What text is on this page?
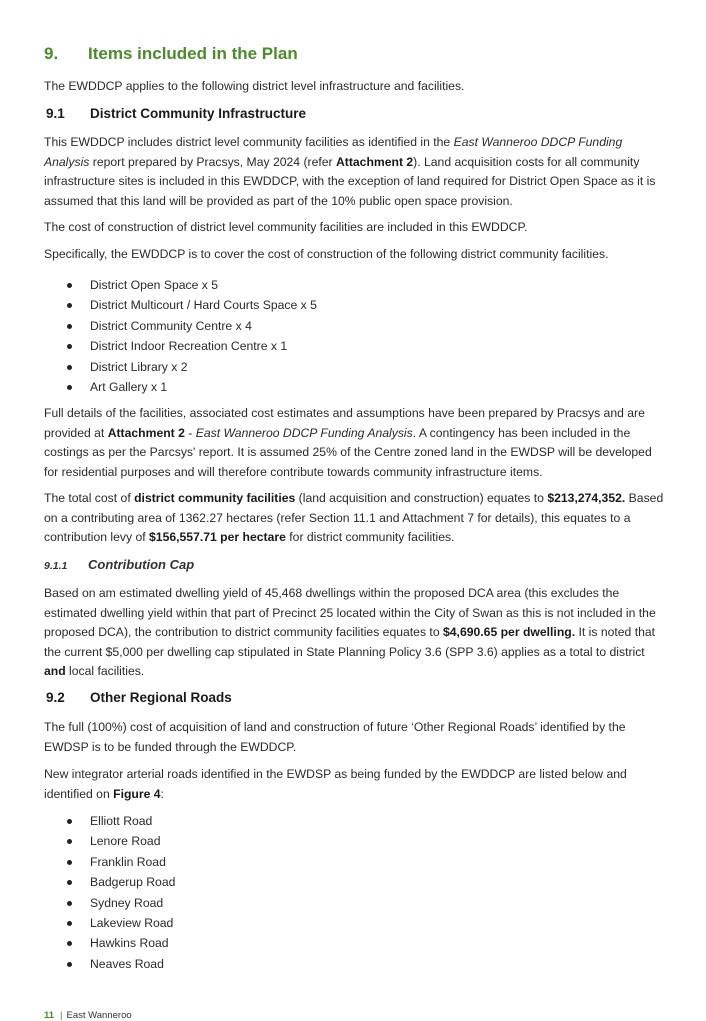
9. Items included in the Plan

The EWDDCP applies to the following district level infrastructure and facilities.

9.1 District Community Infrastructure

This EWDDCP includes district level community facilities as identified in the East Wanneroo DDCP Funding Analysis report prepared by Pracsys, May 2024 (refer Attachment 2). Land acquisition costs for all community infrastructure sites is included in this EWDDCP, with the exception of land required for District Open Space as it is assumed that this land will be provided as part of the 10% public open space provision.

The cost of construction of district level community facilities are included in this EWDDCP.

Specifically, the EWDDCP is to cover the cost of construction of the following district community facilities.

District Open Space x 5
District Multicourt / Hard Courts Space x 5
District Community Centre x 4
District Indoor Recreation Centre x 1
District Library x 2
Art Gallery x 1

Full details of the facilities, associated cost estimates and assumptions have been prepared by Pracsys and are provided at Attachment 2 - East Wanneroo DDCP Funding Analysis. A contingency has been included in the costings as per the Parcsys' report. It is assumed 25% of the Centre zoned land in the EWDSP will be developed for residential purposes and will therefore contribute towards community infrastructure items.

The total cost of district community facilities (land acquisition and construction) equates to $213,274,352. Based on a contributing area of 1362.27 hectares (refer Section 11.1 and Attachment 7 for details), this equates to a contribution levy of $156,557.71 per hectare for district community facilities.

9.1.1 Contribution Cap

Based on am estimated dwelling yield of 45,468 dwellings within the proposed DCA area (this excludes the estimated dwelling yield within that part of Precinct 25 located within the City of Swan as this is not included in the proposed DCA), the contribution to district community facilities equates to $4,690.65 per dwelling. It is noted that the current $5,000 per dwelling cap stipulated in State Planning Policy 3.6 (SPP 3.6) applies as a total to district and local facilities.

9.2 Other Regional Roads

The full (100%) cost of acquisition of land and construction of future ‘Other Regional Roads’ identified by the EWDSP is to be funded through the EWDDCP.

New integrator arterial roads identified in the EWDSP as being funded by the EWDDCP are listed below and identified on Figure 4:

Elliott Road
Lenore Road
Franklin Road
Badgerup Road
Sydney Road
Lakeview Road
Hawkins Road
Neaves Road
11 | East Wanneroo
